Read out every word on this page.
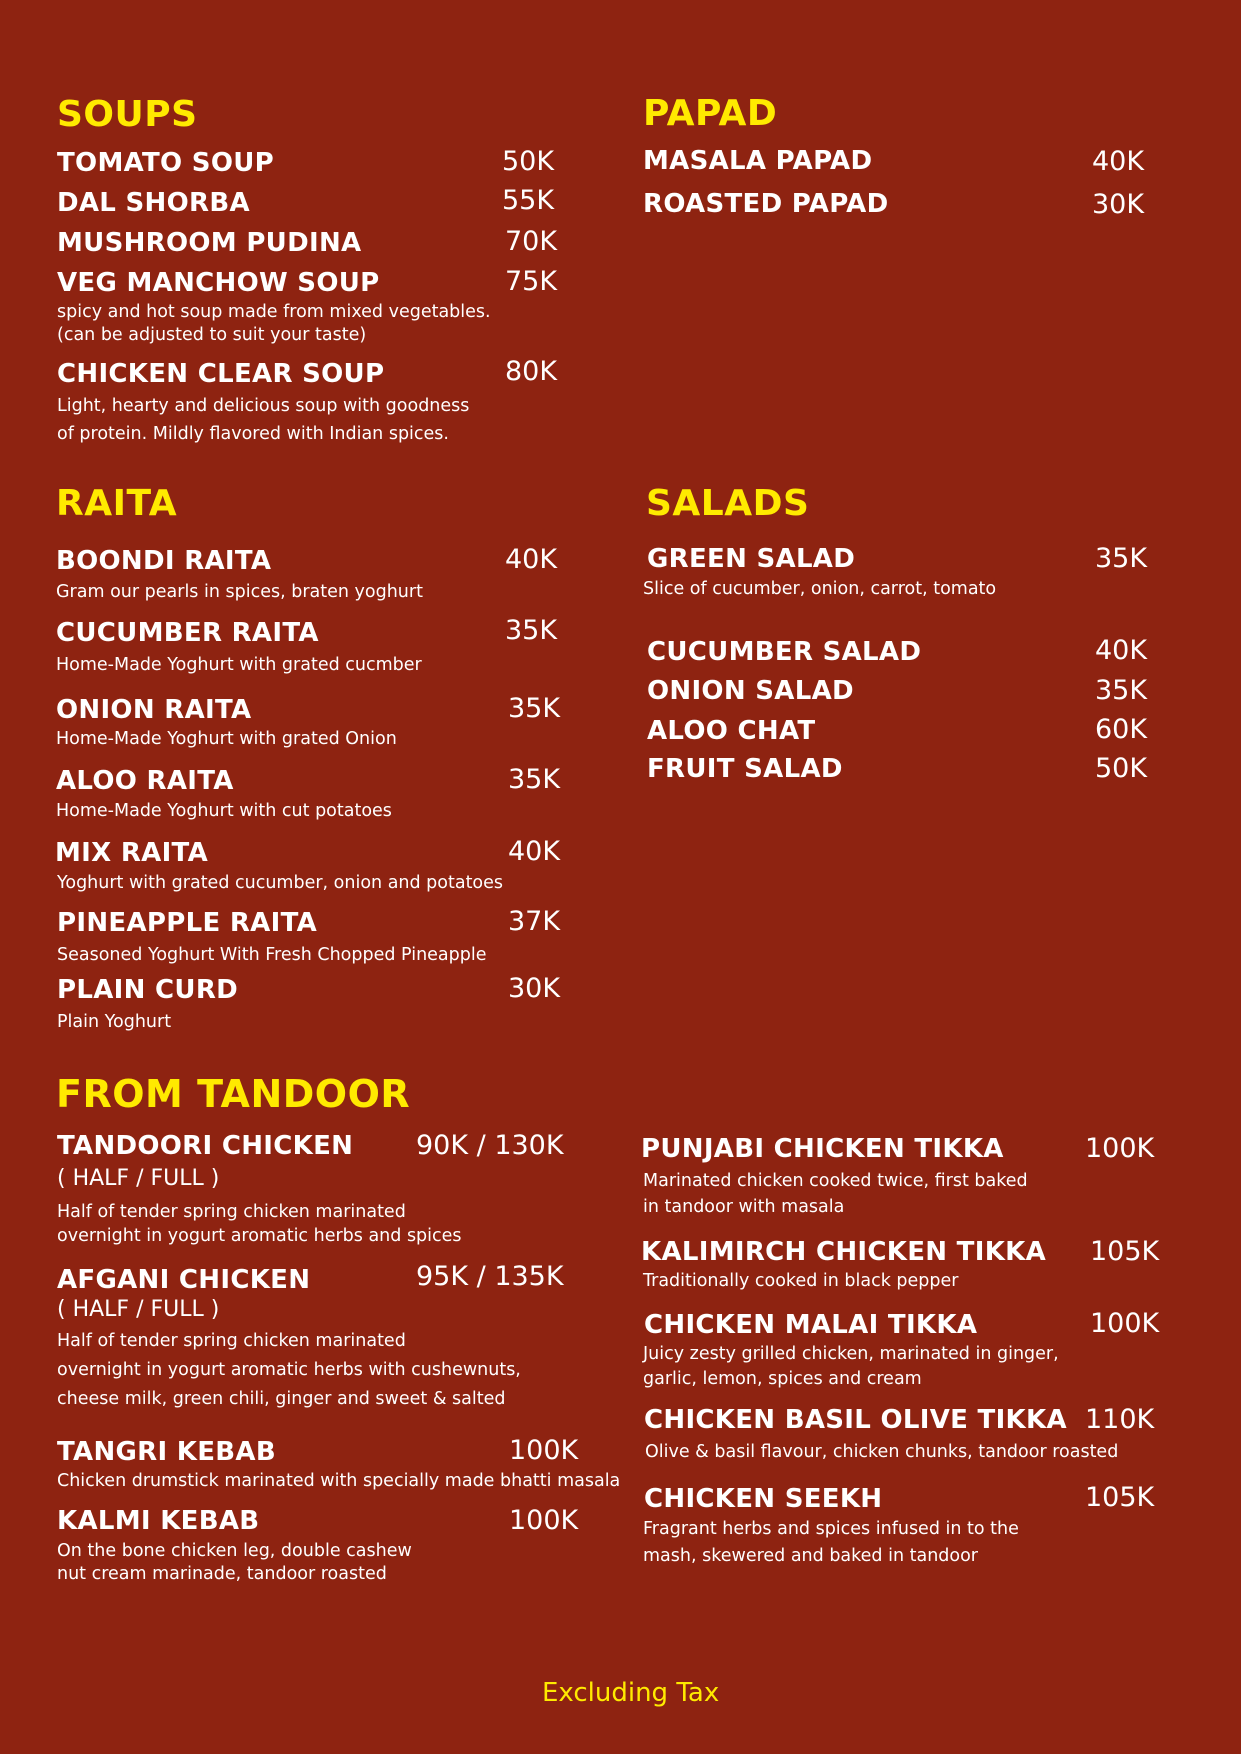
SOUPS
TOMATO SOUP	50K
DAL SHORBA	55K
MUSHROOM PUDINA	70K
VEG MANCHOW SOUP	75K
spicy and hot soup made from mixed vegetables.
(can be adjusted to suit your taste)
CHICKEN CLEAR SOUP	80K
Light, hearty and delicious soup with goodness
of protein. Mildly flavored with Indian spices.
PAPAD
MASALA PAPAD	40K
ROASTED PAPAD	30K
RAITA
BOONDI RAITA	40K
Gram our pearls in spices, braten yoghurt
CUCUMBER RAITA	35K
Home-Made Yoghurt with grated cucmber
ONION RAITA	35K
Home-Made Yoghurt with grated Onion
ALOO RAITA	35K
Home-Made Yoghurt with cut potatoes
MIX RAITA	40K
Yoghurt with grated cucumber, onion and potatoes
PINEAPPLE RAITA	37K
Seasoned Yoghurt With Fresh Chopped Pineapple
PLAIN CURD	30K
Plain Yoghurt
SALADS
GREEN SALAD	35K
Slice of cucumber, onion, carrot, tomato
CUCUMBER SALAD	40K
ONION SALAD	35K
ALOO CHAT	60K
FRUIT SALAD	50K
FROM TANDOOR
TANDOORI CHICKEN 90K / 130K
( HALF / FULL )
Half of tender spring chicken marinated
overnight in yogurt aromatic herbs and spices
AFGANI CHICKEN	95K / 135K
( HALF / FULL )
Half of tender spring chicken marinated
overnight in yogurt aromatic herbs with cushewnuts,
cheese milk, green chili, ginger and sweet & salted
TANGRI KEBAB	100K
Chicken drumstick marinated with specially made bhatti masala
KALMI KEBAB	100K
On the bone chicken leg, double cashew
nut cream marinade, tandoor roasted
PUNJABI CHICKEN TIKKA	100K
Marinated chicken cooked twice, first baked
in tandoor with masala
KALIMIRCH CHICKEN TIKKA 105K
Traditionally cooked in black pepper
CHICKEN MALAI TIKKA	100K
Juicy zesty grilled chicken, marinated in ginger,
garlic, lemon, spices and cream
CHICKEN BASIL OLIVE TIKKA 110K
Olive & basil flavour, chicken chunks, tandoor roasted
CHICKEN SEEKH	105K
Fragrant herbs and spices infused in to the
mash, skewered and baked in tandoor
Excluding Tax
